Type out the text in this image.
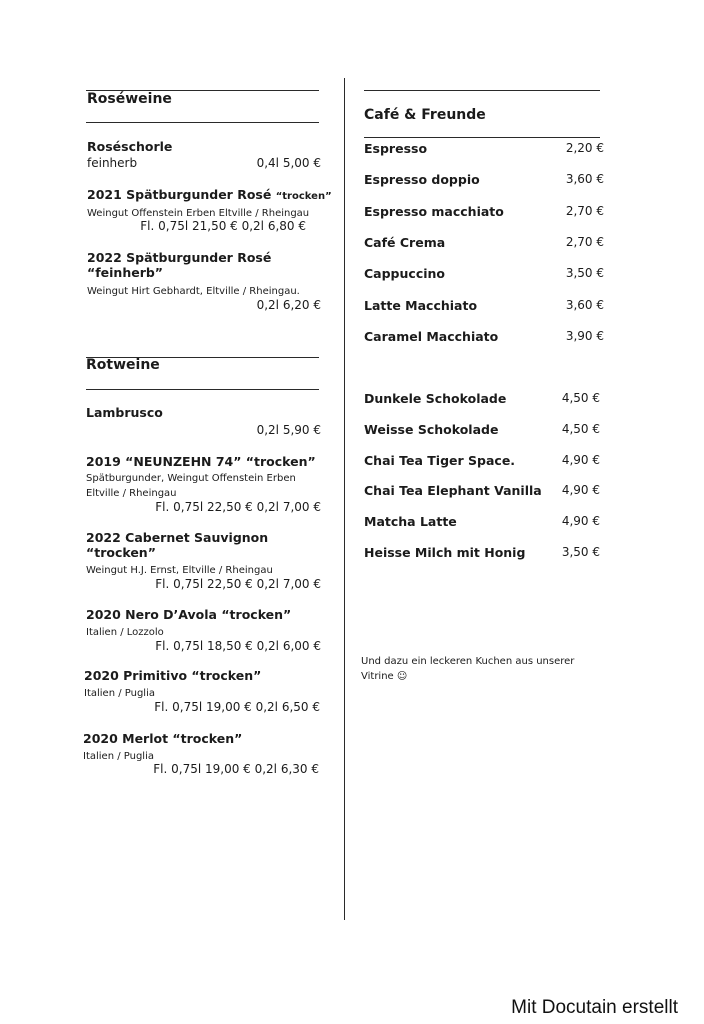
Roséweine
Roséschorle
feinherb	0,4l 5,00 €
2021 Spätburgunder Rosé “trocken”
Weingut Offenstein Erben Eltville / Rheingau
Fl. 0,75l 21,50 € 0,2l 6,80 €
2022 Spätburgunder Rosé
“feinherb”
Weingut Hirt Gebhardt, Eltville / Rheingau.
0,2l 6,20 €
Rotweine
Lambrusco
0,2l 5,90 €
2019 “NEUNZEHN 74” “trocken”
Spätburgunder, Weingut Offenstein Erben
Eltville / Rheingau
Fl. 0,75l 22,50 € 0,2l 7,00 €
2022 Cabernet Sauvignon
“trocken”
Weingut H.J. Ernst, Eltville / Rheingau
Fl. 0,75l 22,50 € 0,2l 7,00 €
2020 Nero D’Avola “trocken”
Italien / Lozzolo
Fl. 0,75l 18,50 € 0,2l 6,00 €
2020 Primitivo “trocken”
Italien / Puglia
Fl. 0,75l 19,00 € 0,2l 6,50 €
2020 Merlot “trocken”
Italien / Puglia
Fl. 0,75l 19,00 € 0,2l 6,30 €
Café & Freunde
Espresso	2,20 €
Espresso doppio	3,60 €
Espresso macchiato	2,70 €
Café Crema	2,70 €
Cappuccino	3,50 €
Latte Macchiato	3,60 €
Caramel Macchiato	3,90 €
Dunkele Schokolade	4,50 €
Weisse Schokolade	4,50 €
Chai Tea Tiger Space.	4,90 €
Chai Tea Elephant Vanilla 4,90 €
Matcha Latte	4,90 €
Heisse Milch mit Honig	3,50 €
Und dazu ein leckeren Kuchen aus unserer Vitrine ☺
Mit Docutain erstellt
